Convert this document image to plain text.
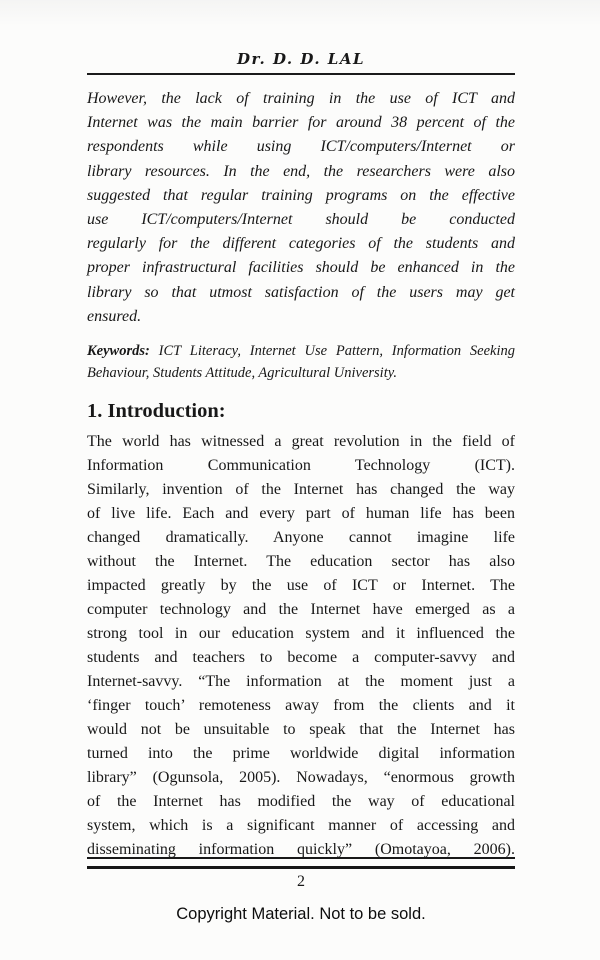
Dr. D. D. LAL
However, the lack of training in the use of ICT and
Internet was the main barrier for around 38 percent of the
respondents while using ICT/computers/Internet or
library resources. In the end, the researchers were also
suggested that regular training programs on the effective
use ICT/computers/Internet should be conducted
regularly for the different categories of the students and
proper infrastructural facilities should be enhanced in the
library so that utmost satisfaction of the users may get
ensured.
Keywords: ICT Literacy, Internet Use Pattern, Information Seeking
Behaviour, Students Attitude, Agricultural University.
1. Introduction:
The world has witnessed a great revolution in the field of
Information Communication Technology (ICT).
Similarly, invention of the Internet has changed the way
of live life. Each and every part of human life has been
changed dramatically. Anyone cannot imagine life
without the Internet. The education sector has also
impacted greatly by the use of ICT or Internet. The
computer technology and the Internet have emerged as a
strong tool in our education system and it influenced the
students and teachers to become a computer-savvy and
Internet-savvy. “The information at the moment just a
‘finger touch’ remoteness away from the clients and it
would not be unsuitable to speak that the Internet has
turned into the prime worldwide digital information
library” (Ogunsola, 2005). Nowadays, “enormous growth
of the Internet has modified the way of educational
system, which is a significant manner of accessing and
disseminating information quickly” (Omotayoa, 2006).
2
Copyright Material. Not to be sold.
